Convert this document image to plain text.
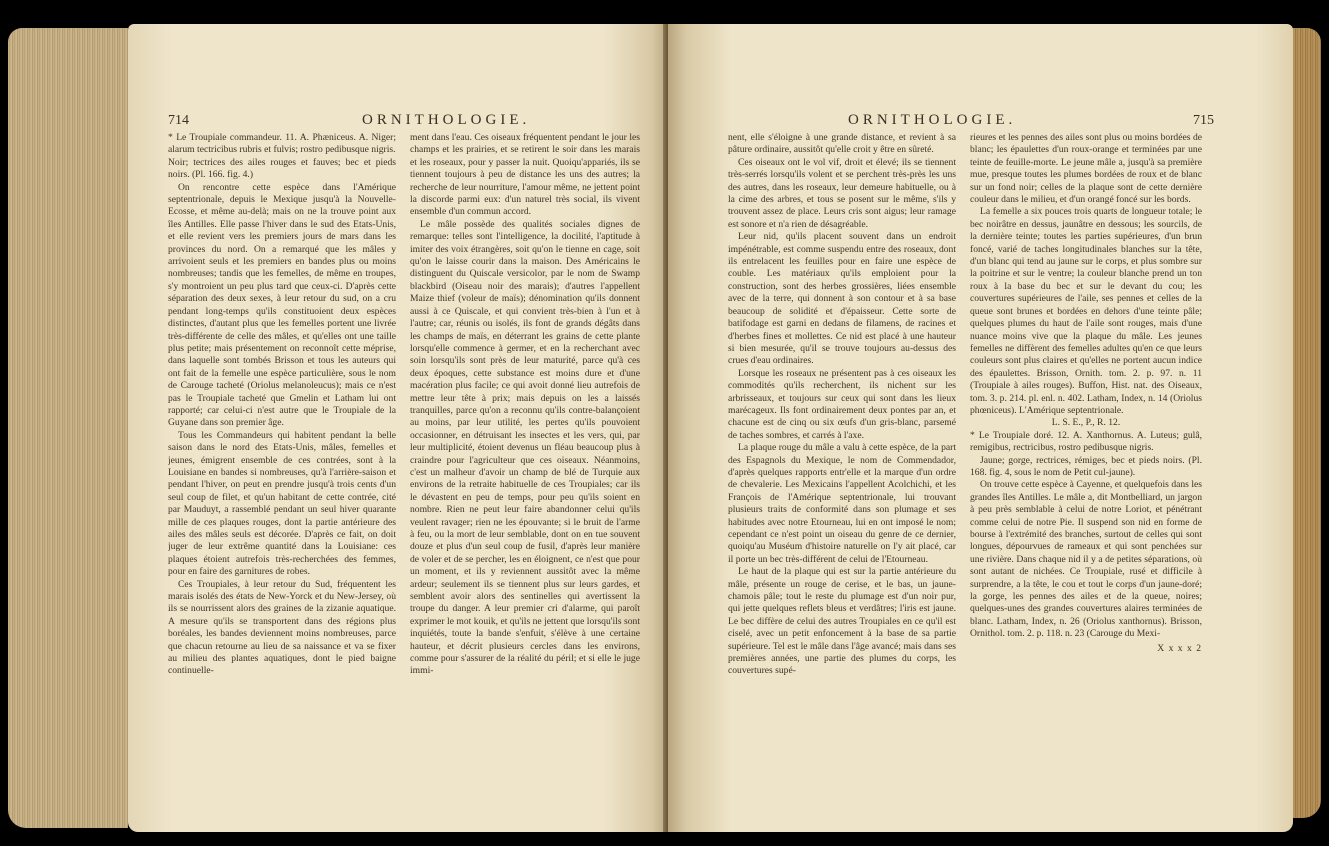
714	ORNITHOLOGIE.

* Le Troupiale commandeur. 11. A. Phæniceus. A. Niger; alarum tectricibus rubris et fulvis; rostro pedibusque nigris.

Noir; tectrices des ailes rouges et fauves; bec et pieds noirs. (Pl. 166. fig. 4.)

On rencontre cette espèce dans l'Amérique septentrionale, depuis le Mexique jusqu'à la Nouvelle-Ecosse, et même au-delà; mais on ne la trouve point aux îles Antilles. Elle passe l'hiver dans le sud des Etats-Unis, et elle revient vers les premiers jours de mars dans les provinces du nord. On a remarqué que les mâles y arrivoient seuls et les premiers en bandes plus ou moins nombreuses; tandis que les femelles, de même en troupes, s'y montroient un peu plus tard que ceux-ci. D'après cette séparation des deux sexes, à leur retour du sud, on a cru pendant long-temps qu'ils constituoient deux espèces distinctes, d'autant plus que les femelles portent une livrée très-différente de celle des mâles, et qu'elles ont une taille plus petite; mais présentement on reconnoît cette méprise, dans laquelle sont tombés Brisson et tous les auteurs qui ont fait de la femelle une espèce particulière, sous le nom de Carouge tacheté (Oriolus melanoleucus); mais ce n'est pas le Troupiale tacheté que Gmelin et Latham lui ont rapporté; car celui-ci n'est autre que le Troupiale de la Guyane dans son premier âge.

Tous les Commandeurs qui habitent pendant la belle saison dans le nord des Etats-Unis, mâles, femelles et jeunes, émigrent ensemble de ces contrées, sont à la Louisiane en bandes si nombreuses, qu'à l'arrière-saison et pendant l'hiver, on peut en prendre jusqu'à trois cents d'un seul coup de filet, et qu'un habitant de cette contrée, cité par Mauduyt, a rassemblé pendant un seul hiver quarante mille de ces plaques rouges, dont la partie antérieure des ailes des mâles seuls est décorée. D'après ce fait, on doit juger de leur extrême quantité dans la Louisiane: ces plaques étoient autrefois très-recherchées des femmes, pour en faire des garnitures de robes.

Ces Troupiales, à leur retour du Sud, fréquentent les marais isolés des états de New-Yorck et du New-Jersey, où ils se nourrissent alors des graines de la zizanie aquatique. A mesure qu'ils se transportent dans des régions plus boréales, les bandes deviennent moins nombreuses, parce que chacun retourne au lieu de sa naissance et va se fixer au milieu des plantes aquatiques, dont le pied baigne continuelle-

ment dans l'eau. Ces oiseaux fréquentent pendant le jour les champs et les prairies, et se retirent le soir dans les marais et les roseaux, pour y passer la nuit. Quoiqu'appariés, ils se tiennent toujours à peu de distance les uns des autres; la recherche de leur nourriture, l'amour même, ne jettent point la discorde parmi eux: d'un naturel très social, ils vivent ensemble d'un commun accord.

Le mâle possède des qualités sociales dignes de remarque: telles sont l'intelligence, la docilité, l'aptitude à imiter des voix étrangères, soit qu'on le tienne en cage, soit qu'on le laisse courir dans la maison. Des Américains le distinguent du Quiscale versicolor, par le nom de Swamp blackbird (Oiseau noir des marais); d'autres l'appellent Maize thief (voleur de maïs); dénomination qu'ils donnent aussi à ce Quiscale, et qui convient très-bien à l'un et à l'autre; car, réunis ou isolés, ils font de grands dégâts dans les champs de maïs, en déterrant les grains de cette plante lorsqu'elle commence à germer, et en la recherchant avec soin lorsqu'ils sont près de leur maturité, parce qu'à ces deux époques, cette substance est moins dure et d'une macération plus facile; ce qui avoit donné lieu autrefois de mettre leur tête à prix; mais depuis on les a laissés tranquilles, parce qu'on a reconnu qu'ils contre-balançoient au moins, par leur utilité, les pertes qu'ils pouvoient occasionner, en détruisant les insectes et les vers, qui, par leur multiplicité, étoient devenus un fléau beaucoup plus à craindre pour l'agriculteur que ces oiseaux. Néanmoins, c'est un malheur d'avoir un champ de blé de Turquie aux environs de la retraite habituelle de ces Troupiales; car ils le dévastent en peu de temps, pour peu qu'ils soient en nombre. Rien ne peut leur faire abandonner celui qu'ils veulent ravager; rien ne les épouvante; si le bruit de l'arme à feu, ou la mort de leur semblable, dont on en tue souvent douze et plus d'un seul coup de fusil, d'après leur manière de voler et de se percher, les en éloignent, ce n'est que pour un moment, et ils y reviennent aussitôt avec la même ardeur; seulement ils se tiennent plus sur leurs gardes, et semblent avoir alors des sentinelles qui avertissent la troupe du danger. A leur premier cri d'alarme, qui paroît exprimer le mot kouik, et qu'ils ne jettent que lorsqu'ils sont inquiétés, toute la bande s'enfuit, s'élève à une certaine hauteur, et décrit plusieurs cercles dans les environs, comme pour s'assurer de la réalité du péril; et si elle le juge immi-

ORNITHOLOGIE.	715

nent, elle s'éloigne à une grande distance, et revient à sa pâture ordinaire, aussitôt qu'elle croit y être en sûreté.

Ces oiseaux ont le vol vif, droit et élevé; ils se tiennent très-serrés lorsqu'ils volent et se perchent très-près les uns des autres, dans les roseaux, leur demeure habituelle, ou à la cime des arbres, et tous se posent sur le même, s'ils y trouvent assez de place. Leurs cris sont aigus; leur ramage est sonore et n'a rien de désagréable.

Leur nid, qu'ils placent souvent dans un endroit impénétrable, est comme suspendu entre des roseaux, dont ils entrelacent les feuilles pour en faire une espèce de couble. Les matériaux qu'ils emploient pour la construction, sont des herbes grossières, liées ensemble avec de la terre, qui donnent à son contour et à sa base beaucoup de solidité et d'épaisseur. Cette sorte de batifodage est garni en dedans de filamens, de racines et d'herbes fines et mollettes. Ce nid est placé à une hauteur si bien mesurée, qu'il se trouve toujours au-dessus des crues d'eau ordinaires.

Lorsque les roseaux ne présentent pas à ces oiseaux les commodités qu'ils recherchent, ils nichent sur les arbrisseaux, et toujours sur ceux qui sont dans les lieux marécageux. Ils font ordinairement deux pontes par an, et chacune est de cinq ou six œufs d'un gris-blanc, parsemé de taches sombres, et carrés à l'axe.

La plaque rouge du mâle a valu à cette espèce, de la part des Espagnols du Mexique, le nom de Commendador, d'après quelques rapports entr'elle et la marque d'un ordre de chevalerie. Les Mexicains l'appellent Acolchichi, et les François de l'Amérique septentrionale, lui trouvant plusieurs traits de conformité dans son plumage et ses habitudes avec notre Etourneau, lui en ont imposé le nom; cependant ce n'est point un oiseau du genre de ce dernier, quoiqu'au Muséum d'histoire naturelle on l'y ait placé, car il porte un bec très-différent de celui de l'Etourneau.

Le haut de la plaque qui est sur la partie antérieure du mâle, présente un rouge de cerise, et le bas, un jaune-chamois pâle; tout le reste du plumage est d'un noir pur, qui jette quelques reflets bleus et verdâtres; l'iris est jaune. Le bec diffère de celui des autres Troupiales en ce qu'il est ciselé, avec un petit enfoncement à la base de sa partie supérieure. Tel est le mâle dans l'âge avancé; mais dans ses premières années, une partie des plumes du corps, les couvertures supé-

rieures et les pennes des ailes sont plus ou moins bordées de blanc; les épaulettes d'un roux-orange et terminées par une teinte de feuille-morte. Le jeune mâle a, jusqu'à sa première mue, presque toutes les plumes bordées de roux et de blanc sur un fond noir; celles de la plaque sont de cette dernière couleur dans le milieu, et d'un orangé foncé sur les bords.

La femelle a six pouces trois quarts de longueur totale; le bec noirâtre en dessus, jaunâtre en dessous; les sourcils, de la dernière teinte; toutes les parties supérieures, d'un brun foncé, varié de taches longitudinales blanches sur la tête, d'un blanc qui tend au jaune sur le corps, et plus sombre sur la poitrine et sur le ventre; la couleur blanche prend un ton roux à la base du bec et sur le devant du cou; les couvertures supérieures de l'aile, ses pennes et celles de la queue sont brunes et bordées en dehors d'une teinte pâle; quelques plumes du haut de l'aile sont rouges, mais d'une nuance moins vive que la plaque du mâle. Les jeunes femelles ne diffèrent des femelles adultes qu'en ce que leurs couleurs sont plus claires et qu'elles ne portent aucun indice des épaulettes. Brisson, Ornith. tom. 2. p. 97. n. 11 (Troupiale à ailes rouges). Buffon, Hist. nat. des Oiseaux, tom. 3. p. 214. pl. enl. n. 402. Latham, Index, n. 14 (Oriolus phœniceus). L'Amérique septentrionale.

L. S. E., P., R. 12.

* Le Troupiale doré. 12. A. Xanthornus. A. Luteus; gulâ, remigibus, rectricibus, rostro pedibusque nigris.

Jaune; gorge, rectrices, rémiges, bec et pieds noirs. (Pl. 168. fig. 4, sous le nom de Petit cul-jaune).

On trouve cette espèce à Cayenne, et quelquefois dans les grandes îles Antilles. Le mâle a, dit Montbelliard, un jargon à peu près semblable à celui de notre Loriot, et pénétrant comme celui de notre Pie. Il suspend son nid en forme de bourse à l'extrémité des branches, surtout de celles qui sont longues, dépourvues de rameaux et qui sont penchées sur une rivière. Dans chaque nid il y a de petites séparations, où sont autant de nichées. Ce Troupiale, rusé et difficile à surprendre, a la tête, le cou et tout le corps d'un jaune-doré; la gorge, les pennes des ailes et de la queue, noires; quelques-unes des grandes couvertures alaires terminées de blanc. Latham, Index, n. 26 (Oriolus xanthornus). Brisson, Ornithol. tom. 2. p. 118. n. 23 (Carouge du Mexi-

X x x x 2
